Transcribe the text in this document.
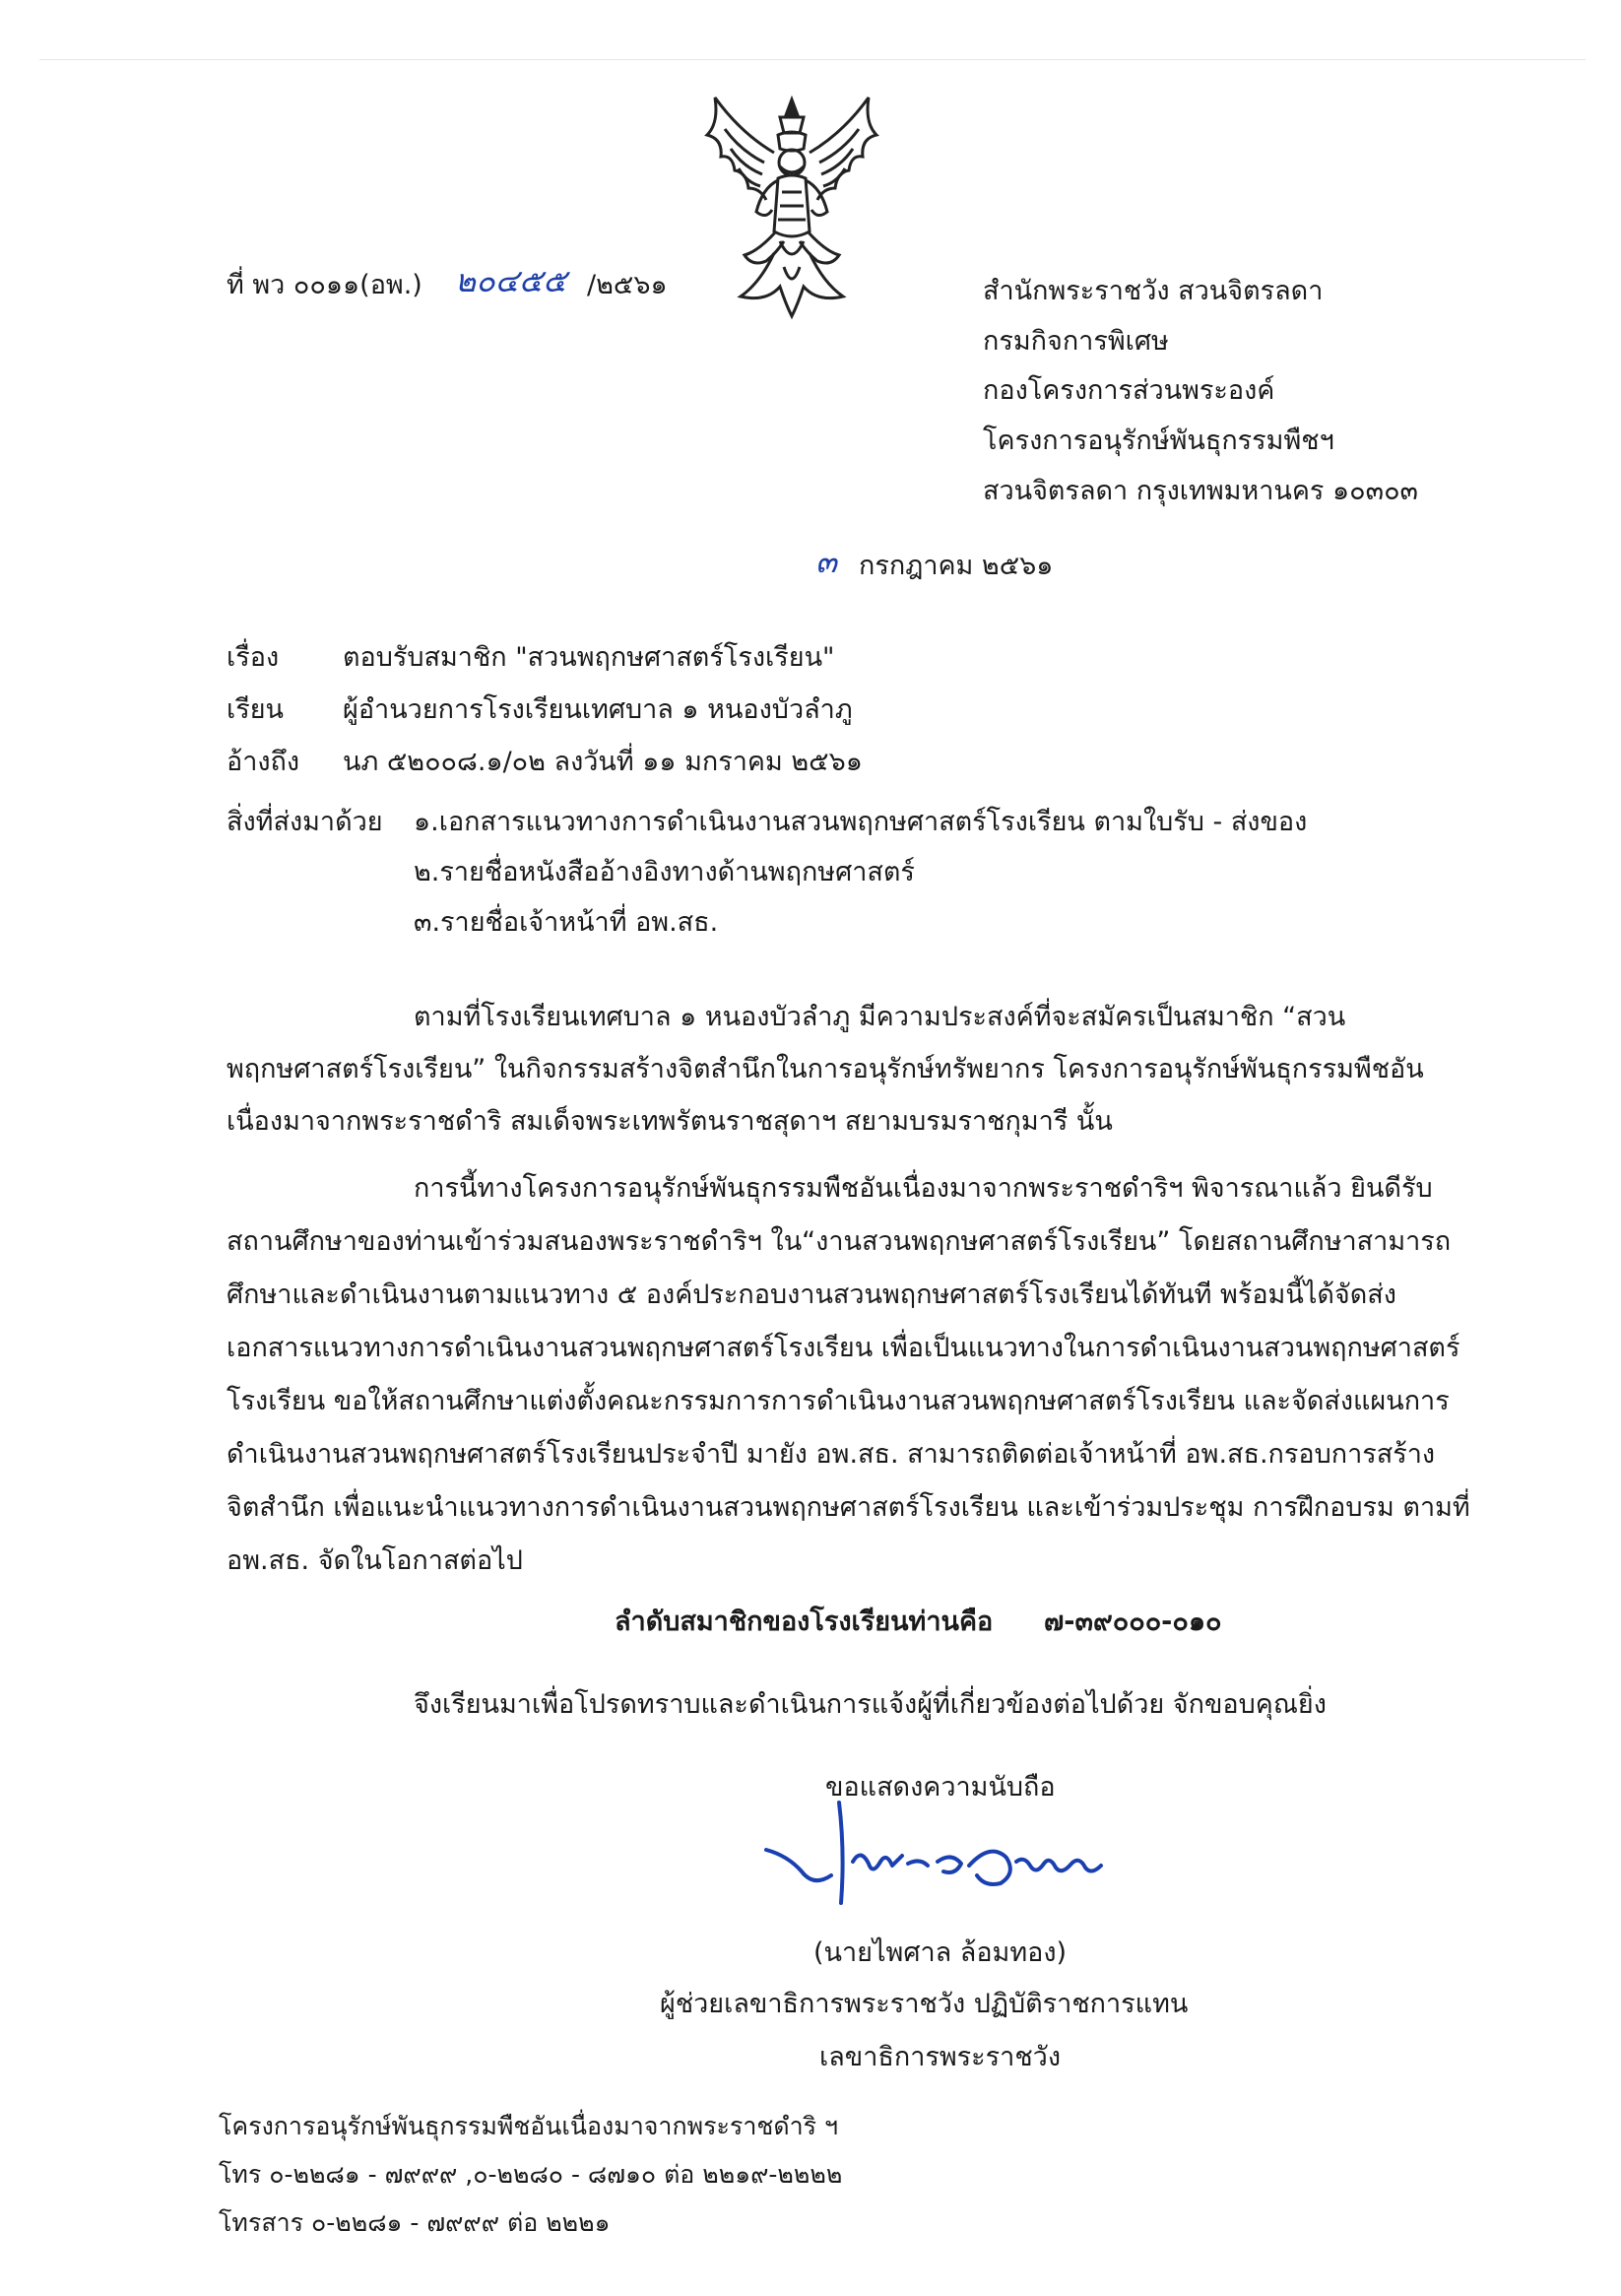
ที่ พว ๐๐๑๑(อพ.) ๒๐๔๕๕ /๒๕๖๑	สำนักพระราชวัง สวนจิตรลดา
กรมกิจการพิเศษ
กองโครงการส่วนพระองค์
โครงการอนุรักษ์พันธุกรรมพืชฯ
สวนจิตรลดา กรุงเทพมหานคร ๑๐๓๐๓
๓ กรกฎาคม ๒๕๖๑
เรื่อง ตอบรับสมาชิก "สวนพฤกษศาสตร์โรงเรียน"
เรียน ผู้อำนวยการโรงเรียนเทศบาล ๑ หนองบัวลำภู
อ้างถึง นภ ๕๒๐๐๘.๑/๐๒ ลงวันที่ ๑๑ มกราคม ๒๕๖๑
สิ่งที่ส่งมาด้วย ๑.เอกสารแนวทางการดำเนินงานสวนพฤกษศาสตร์โรงเรียน ตามใบรับ - ส่งของ
๒.รายชื่อหนังสืออ้างอิงทางด้านพฤกษศาสตร์
๓.รายชื่อเจ้าหน้าที่ อพ.สธ.
ตามที่โรงเรียนเทศบาล ๑ หนองบัวลำภู มีความประสงค์ที่จะสมัครเป็นสมาชิก “สวน
พฤกษศาสตร์โรงเรียน” ในกิจกรรมสร้างจิตสำนึกในการอนุรักษ์ทรัพยากร โครงการอนุรักษ์พันธุกรรมพืชอัน
เนื่องมาจากพระราชดำริ สมเด็จพระเทพรัตนราชสุดาฯ สยามบรมราชกุมารี นั้น
การนี้ทางโครงการอนุรักษ์พันธุกรรมพืชอันเนื่องมาจากพระราชดำริฯ พิจารณาแล้ว ยินดีรับ
สถานศึกษาของท่านเข้าร่วมสนองพระราชดำริฯ ใน“งานสวนพฤกษศาสตร์โรงเรียน” โดยสถานศึกษาสามารถ
ศึกษาและดำเนินงานตามแนวทาง ๕ องค์ประกอบงานสวนพฤกษศาสตร์โรงเรียนได้ทันที พร้อมนี้ได้จัดส่ง
เอกสารแนวทางการดำเนินงานสวนพฤกษศาสตร์โรงเรียน เพื่อเป็นแนวทางในการดำเนินงานสวนพฤกษศาสตร์
โรงเรียน ขอให้สถานศึกษาแต่งตั้งคณะกรรมการการดำเนินงานสวนพฤกษศาสตร์โรงเรียน และจัดส่งแผนการ
ดำเนินงานสวนพฤกษศาสตร์โรงเรียนประจำปี มายัง อพ.สธ. สามารถติดต่อเจ้าหน้าที่ อพ.สธ.กรอบการสร้าง
จิตสำนึก เพื่อแนะนำแนวทางการดำเนินงานสวนพฤกษศาสตร์โรงเรียน และเข้าร่วมประชุม การฝึกอบรม ตามที่
อพ.สธ. จัดในโอกาสต่อไป
ลำดับสมาชิกของโรงเรียนท่านคือ ๗-๓๙๐๐๐-๐๑๐
จึงเรียนมาเพื่อโปรดทราบและดำเนินการแจ้งผู้ที่เกี่ยวข้องต่อไปด้วย จักขอบคุณยิ่ง
ขอแสดงความนับถือ
(นายไพศาล ล้อมทอง)
ผู้ช่วยเลขาธิการพระราชวัง ปฏิบัติราชการแทน
เลขาธิการพระราชวัง
โครงการอนุรักษ์พันธุกรรมพืชอันเนื่องมาจากพระราชดำริ ฯ
โทร ๐-๒๒๘๑ - ๗๙๙๙ ,๐-๒๒๘๐ - ๘๗๑๐ ต่อ ๒๒๑๙-๒๒๒๒
โทรสาร ๐-๒๒๘๑ - ๗๙๙๙ ต่อ ๒๒๒๑
